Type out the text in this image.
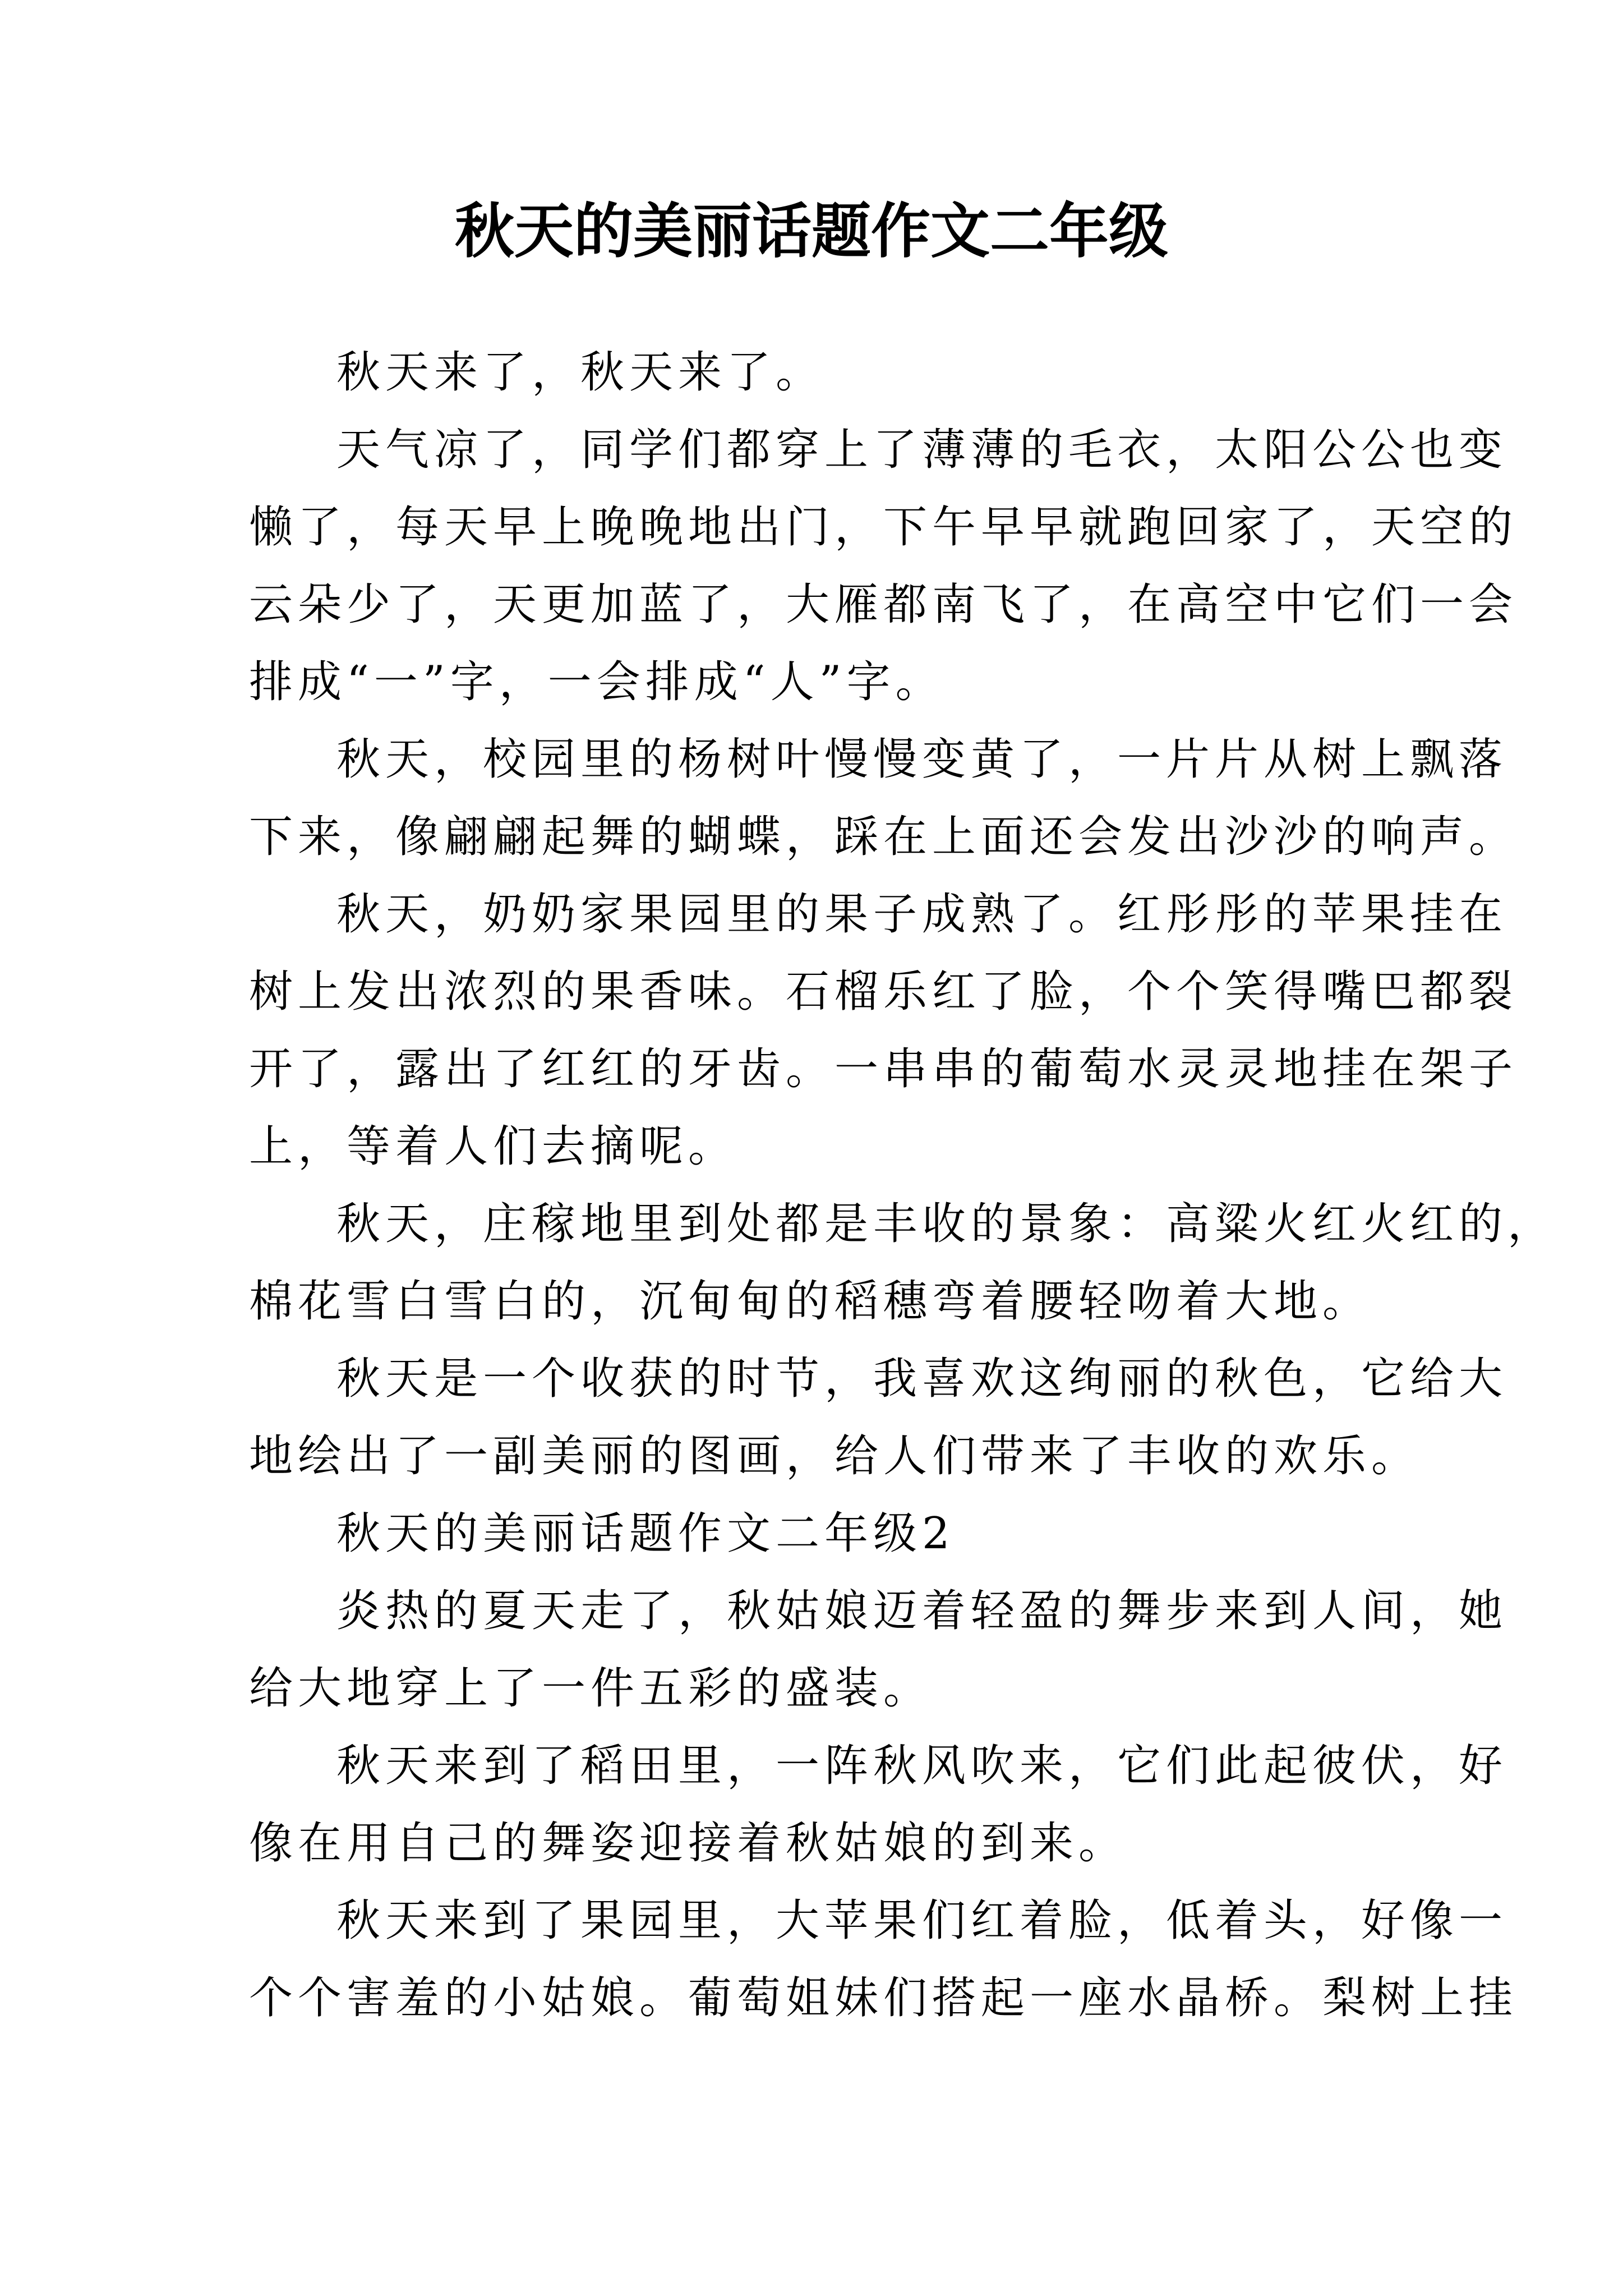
秋天的美丽话题作文二年级
秋天来了，秋天来了。
天气凉了，同学们都穿上了薄薄的毛衣，太阳公公也变
懒了，每天早上晚晚地出门，下午早早就跑回家了，天空的
云朵少了，天更加蓝了，大雁都南飞了，在高空中它们一会
排成“一”字，一会排成“人”字。
秋天，校园里的杨树叶慢慢变黄了，一片片从树上飘落
下来，像翩翩起舞的蝴蝶，踩在上面还会发出沙沙的响声。
秋天，奶奶家果园里的果子成熟了。红彤彤的苹果挂在
树上发出浓烈的果香味。石榴乐红了脸，个个笑得嘴巴都裂
开了，露出了红红的牙齿。一串串的葡萄水灵灵地挂在架子
上，等着人们去摘呢。
秋天，庄稼地里到处都是丰收的景象：高粱火红火红的，
棉花雪白雪白的，沉甸甸的稻穗弯着腰轻吻着大地。
秋天是一个收获的时节，我喜欢这绚丽的秋色，它给大
地绘出了一副美丽的图画，给人们带来了丰收的欢乐。
秋天的美丽话题作文二年级2
炎热的夏天走了，秋姑娘迈着轻盈的舞步来到人间，她
给大地穿上了一件五彩的盛装。
秋天来到了稻田里，一阵秋风吹来，它们此起彼伏，好
像在用自己的舞姿迎接着秋姑娘的到来。
秋天来到了果园里，大苹果们红着脸，低着头，好像一
个个害羞的小姑娘。葡萄姐妹们搭起一座水晶桥。梨树上挂
